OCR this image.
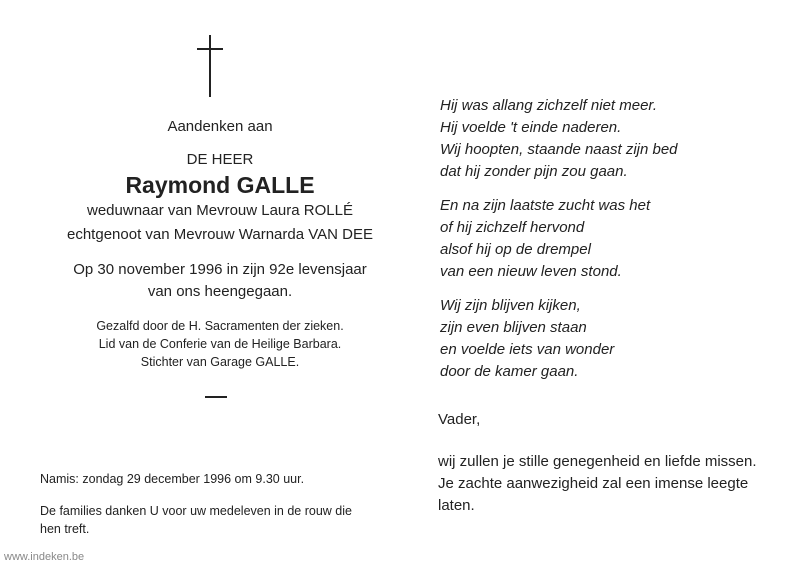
Aandenken aan
DE HEER
Raymond GALLE
weduwnaar van Mevrouw Laura ROLLÉ
echtgenoot van Mevrouw Warnarda VAN DEE
Op 30 november 1996 in zijn 92e levensjaar
van ons heengegaan.
Gezalfd door de H. Sacramenten der zieken.
Lid van de Conferie van de Heilige Barbara.
Stichter van Garage GALLE.
Namis: zondag 29 december 1996 om 9.30 uur.
De families danken U voor uw medeleven in de rouw die
hen treft.
Hij was allang zichzelf niet meer.
Hij voelde 't einde naderen.
Wij hoopten, staande naast zijn bed
dat hij zonder pijn zou gaan.
En na zijn laatste zucht was het
of hij zichzelf hervond
alsof hij op de drempel
van een nieuw leven stond.
Wij zijn blijven kijken,
zijn even blijven staan
en voelde iets van wonder
door de kamer gaan.
Vader,
wij zullen je stille genegenheid en liefde missen.
Je zachte aanwezigheid zal een imense leegte
laten.
www.indeken.be
